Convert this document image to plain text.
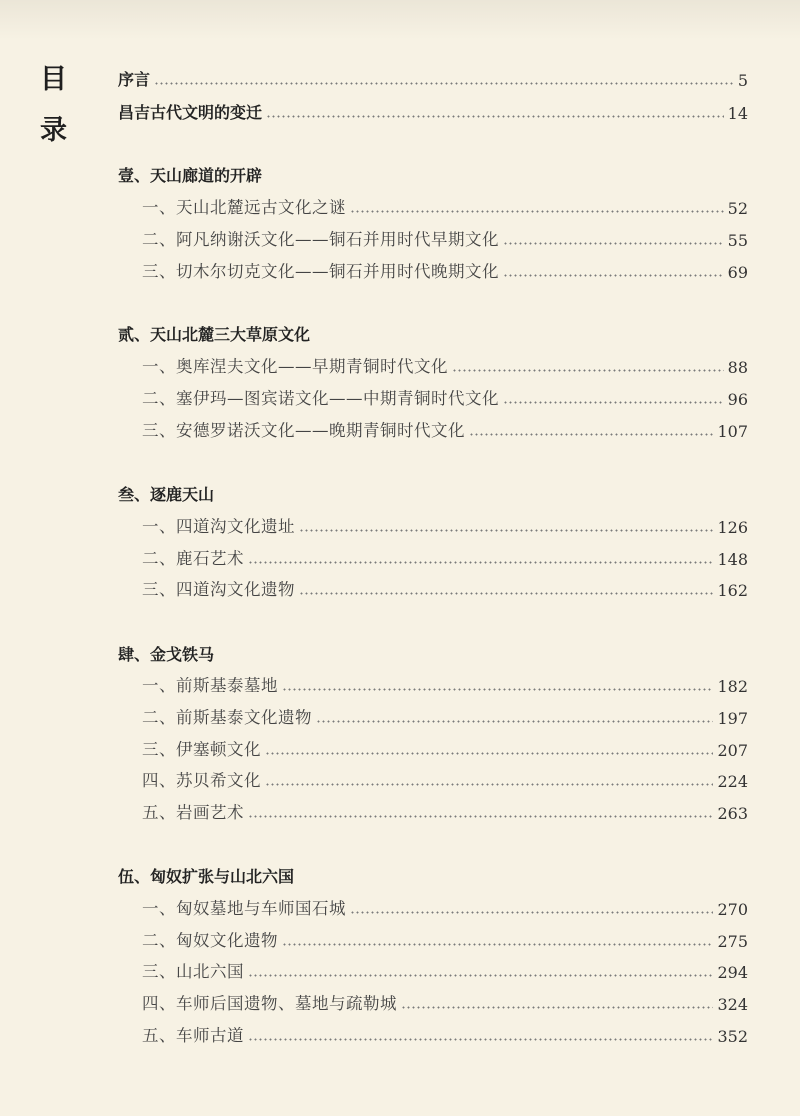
目
录
序言	5
昌吉古代文明的变迁	14
壹、天山廊道的开辟
一、天山北麓远古文化之谜	52
二、阿凡纳谢沃文化——铜石并用时代早期文化	55
三、切木尔切克文化——铜石并用时代晚期文化	69
贰、天山北麓三大草原文化
一、奥库涅夫文化——早期青铜时代文化	88
二、塞伊玛—图宾诺文化——中期青铜时代文化	96
三、安德罗诺沃文化——晚期青铜时代文化	107
叁、逐鹿天山
一、四道沟文化遗址	126
二、鹿石艺术	148
三、四道沟文化遗物	162
肆、金戈铁马
一、前斯基泰墓地	182
二、前斯基泰文化遗物	197
三、伊塞顿文化	207
四、苏贝希文化	224
五、岩画艺术	263
伍、匈奴扩张与山北六国
一、匈奴墓地与车师国石城	270
二、匈奴文化遗物	275
三、山北六国	294
四、车师后国遗物、墓地与疏勒城	324
五、车师古道	352
